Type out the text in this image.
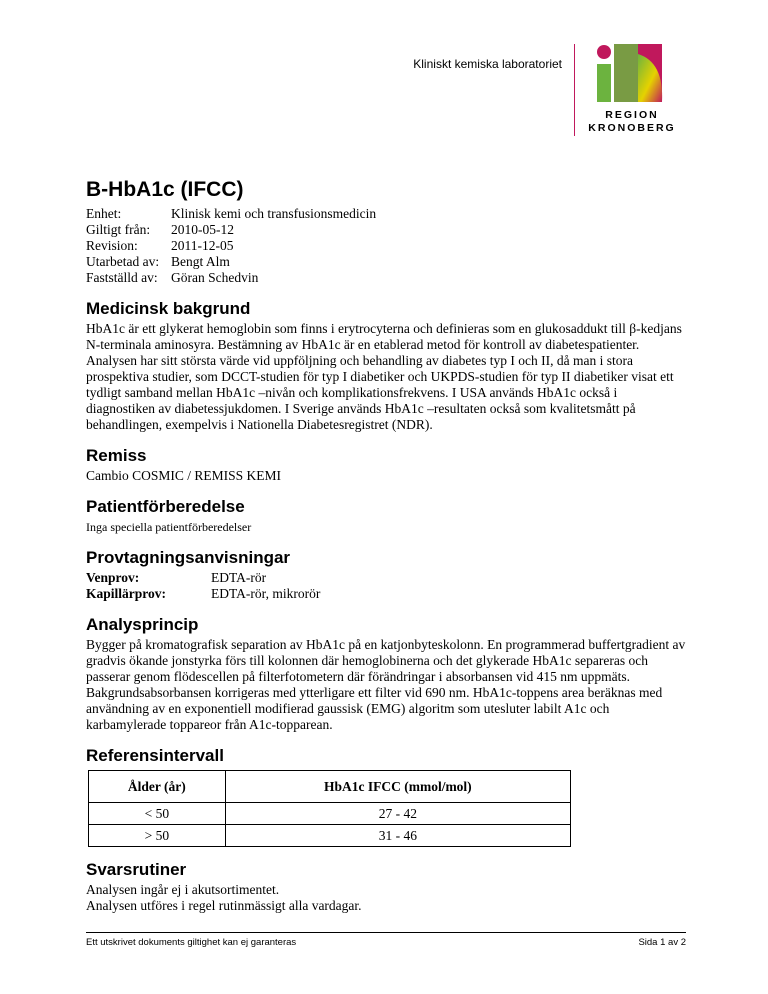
Kliniskt kemiska laboratoriet
REGION
KRONOBERG
B-HbA1c (IFCC)
Enhet:	Klinisk kemi och transfusionsmedicin
Giltigt från:	2010-05-12
Revision:	2011-12-05
Utarbetad av: Bengt Alm
Fastställd av: Göran Schedvin
Medicinsk bakgrund

HbA1c är ett glykerat hemoglobin som finns i erytrocyterna och definieras som en glukosaddukt till β-kedjans N-terminala aminosyra. Bestämning av HbA1c är en etablerad metod för kontroll av diabetespatienter. Analysen har sitt största värde vid uppföljning och behandling av diabetes typ I och II, då man i stora prospektiva studier, som DCCT-studien för typ I diabetiker och UKPDS-studien för typ II diabetiker visat ett tydligt samband mellan HbA1c –nivån och komplikationsfrekvens. I USA används HbA1c också i diagnostiken av diabetessjukdomen. I Sverige används HbA1c –resultaten också som kvalitetsmått på behandlingen, exempelvis i Nationella Diabetesregistret (NDR).

Remiss

Cambio COSMIC / REMISS KEMI

Patientförberedelse

Inga speciella patientförberedelser

Provtagningsanvisningar
Venprov:	EDTA-rör
Kapillärprov:	EDTA-rör, mikrorör
Analysprincip

Bygger på kromatografisk separation av HbA1c på en katjonbyteskolonn. En programmerad buffertgradient av gradvis ökande jonstyrka förs till kolonnen där hemoglobinerna och det glykerade HbA1c separeras och passerar genom flödescellen på filterfotometern där förändringar i absorbansen vid 415 nm uppmäts.

Bakgrundsabsorbansen korrigeras med ytterligare ett filter vid 690 nm. HbA1c-toppens area beräknas med användning av en exponentiell modifierad gaussisk (EMG) algoritm som utesluter labilt A1c och karbamylerade toppareor från A1c-topparean.

Referensintervall
Ålder (år)	HbA1c IFCC (mmol/mol)
< 50	27 - 42
> 50	31 - 46
Svarsrutiner

Analysen ingår ej i akutsortimentet.

Analysen utföres i regel rutinmässigt alla vardagar.

Ett utskrivet dokuments giltighet kan ej garanteras	Sida 1 av 2
